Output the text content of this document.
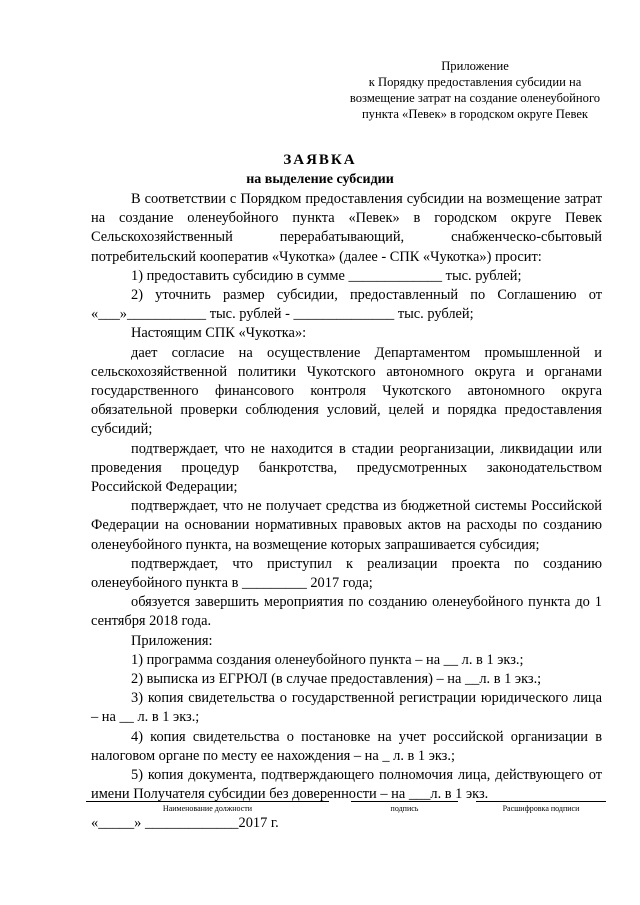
Приложение
к Порядку предоставления субсидии на
возмещение затрат на создание оленеубойного
пункта «Певек» в городском округе Певек
ЗАЯВКА
на выделение субсидии

В соответствии с Порядком предоставления субсидии на возмещение затрат на создание оленеубойного пункта «Певек» в городском округе Певек Сельскохозяйственный перерабатывающий, снабженческо-сбытовый потребительский кооператив «Чукотка» (далее - СПК «Чукотка») просит:

1) предоставить субсидию в сумме _____________ тыс. рублей;

2) уточнить размер субсидии, предоставленный по Соглашению от «___»___________ тыс. рублей - ______________ тыс. рублей;

Настоящим СПК «Чукотка»:

дает согласие на осуществление Департаментом промышленной и сельскохозяйственной политики Чукотского автономного округа и органами государственного финансового контроля Чукотского автономного округа обязательной проверки соблюдения условий, целей и порядка предоставления субсидий;

подтверждает, что не находится в стадии реорганизации, ликвидации или проведения процедур банкротства, предусмотренных законодательством Российской Федерации;

подтверждает, что не получает средства из бюджетной системы Российской Федерации на основании нормативных правовых актов на расходы по созданию оленеубойного пункта, на возмещение которых запрашивается субсидия;

подтверждает, что приступил к реализации проекта по созданию оленеубойного пункта в _________ 2017 года;

обязуется завершить мероприятия по созданию оленеубойного пункта до 1 сентября 2018 года.

Приложения:

1) программа создания оленеубойного пункта – на __ л. в 1 экз.;

2) выписка из ЕГРЮЛ (в случае предоставления) – на __л. в 1 экз.;

3) копия свидетельства о государственной регистрации юридического лица – на __ л. в 1 экз.;

4) копия свидетельства о постановке на учет российской организации в налоговом органе по месту ее нахождения – на _ л. в 1 экз.;

5) копия документа, подтверждающего полномочия лица, действующего от имени Получателя субсидии без доверенности – на ___л. в 1 экз.

Наименование должности	подпись	Расшифровка подписи
«_____» _____________2017 г.
